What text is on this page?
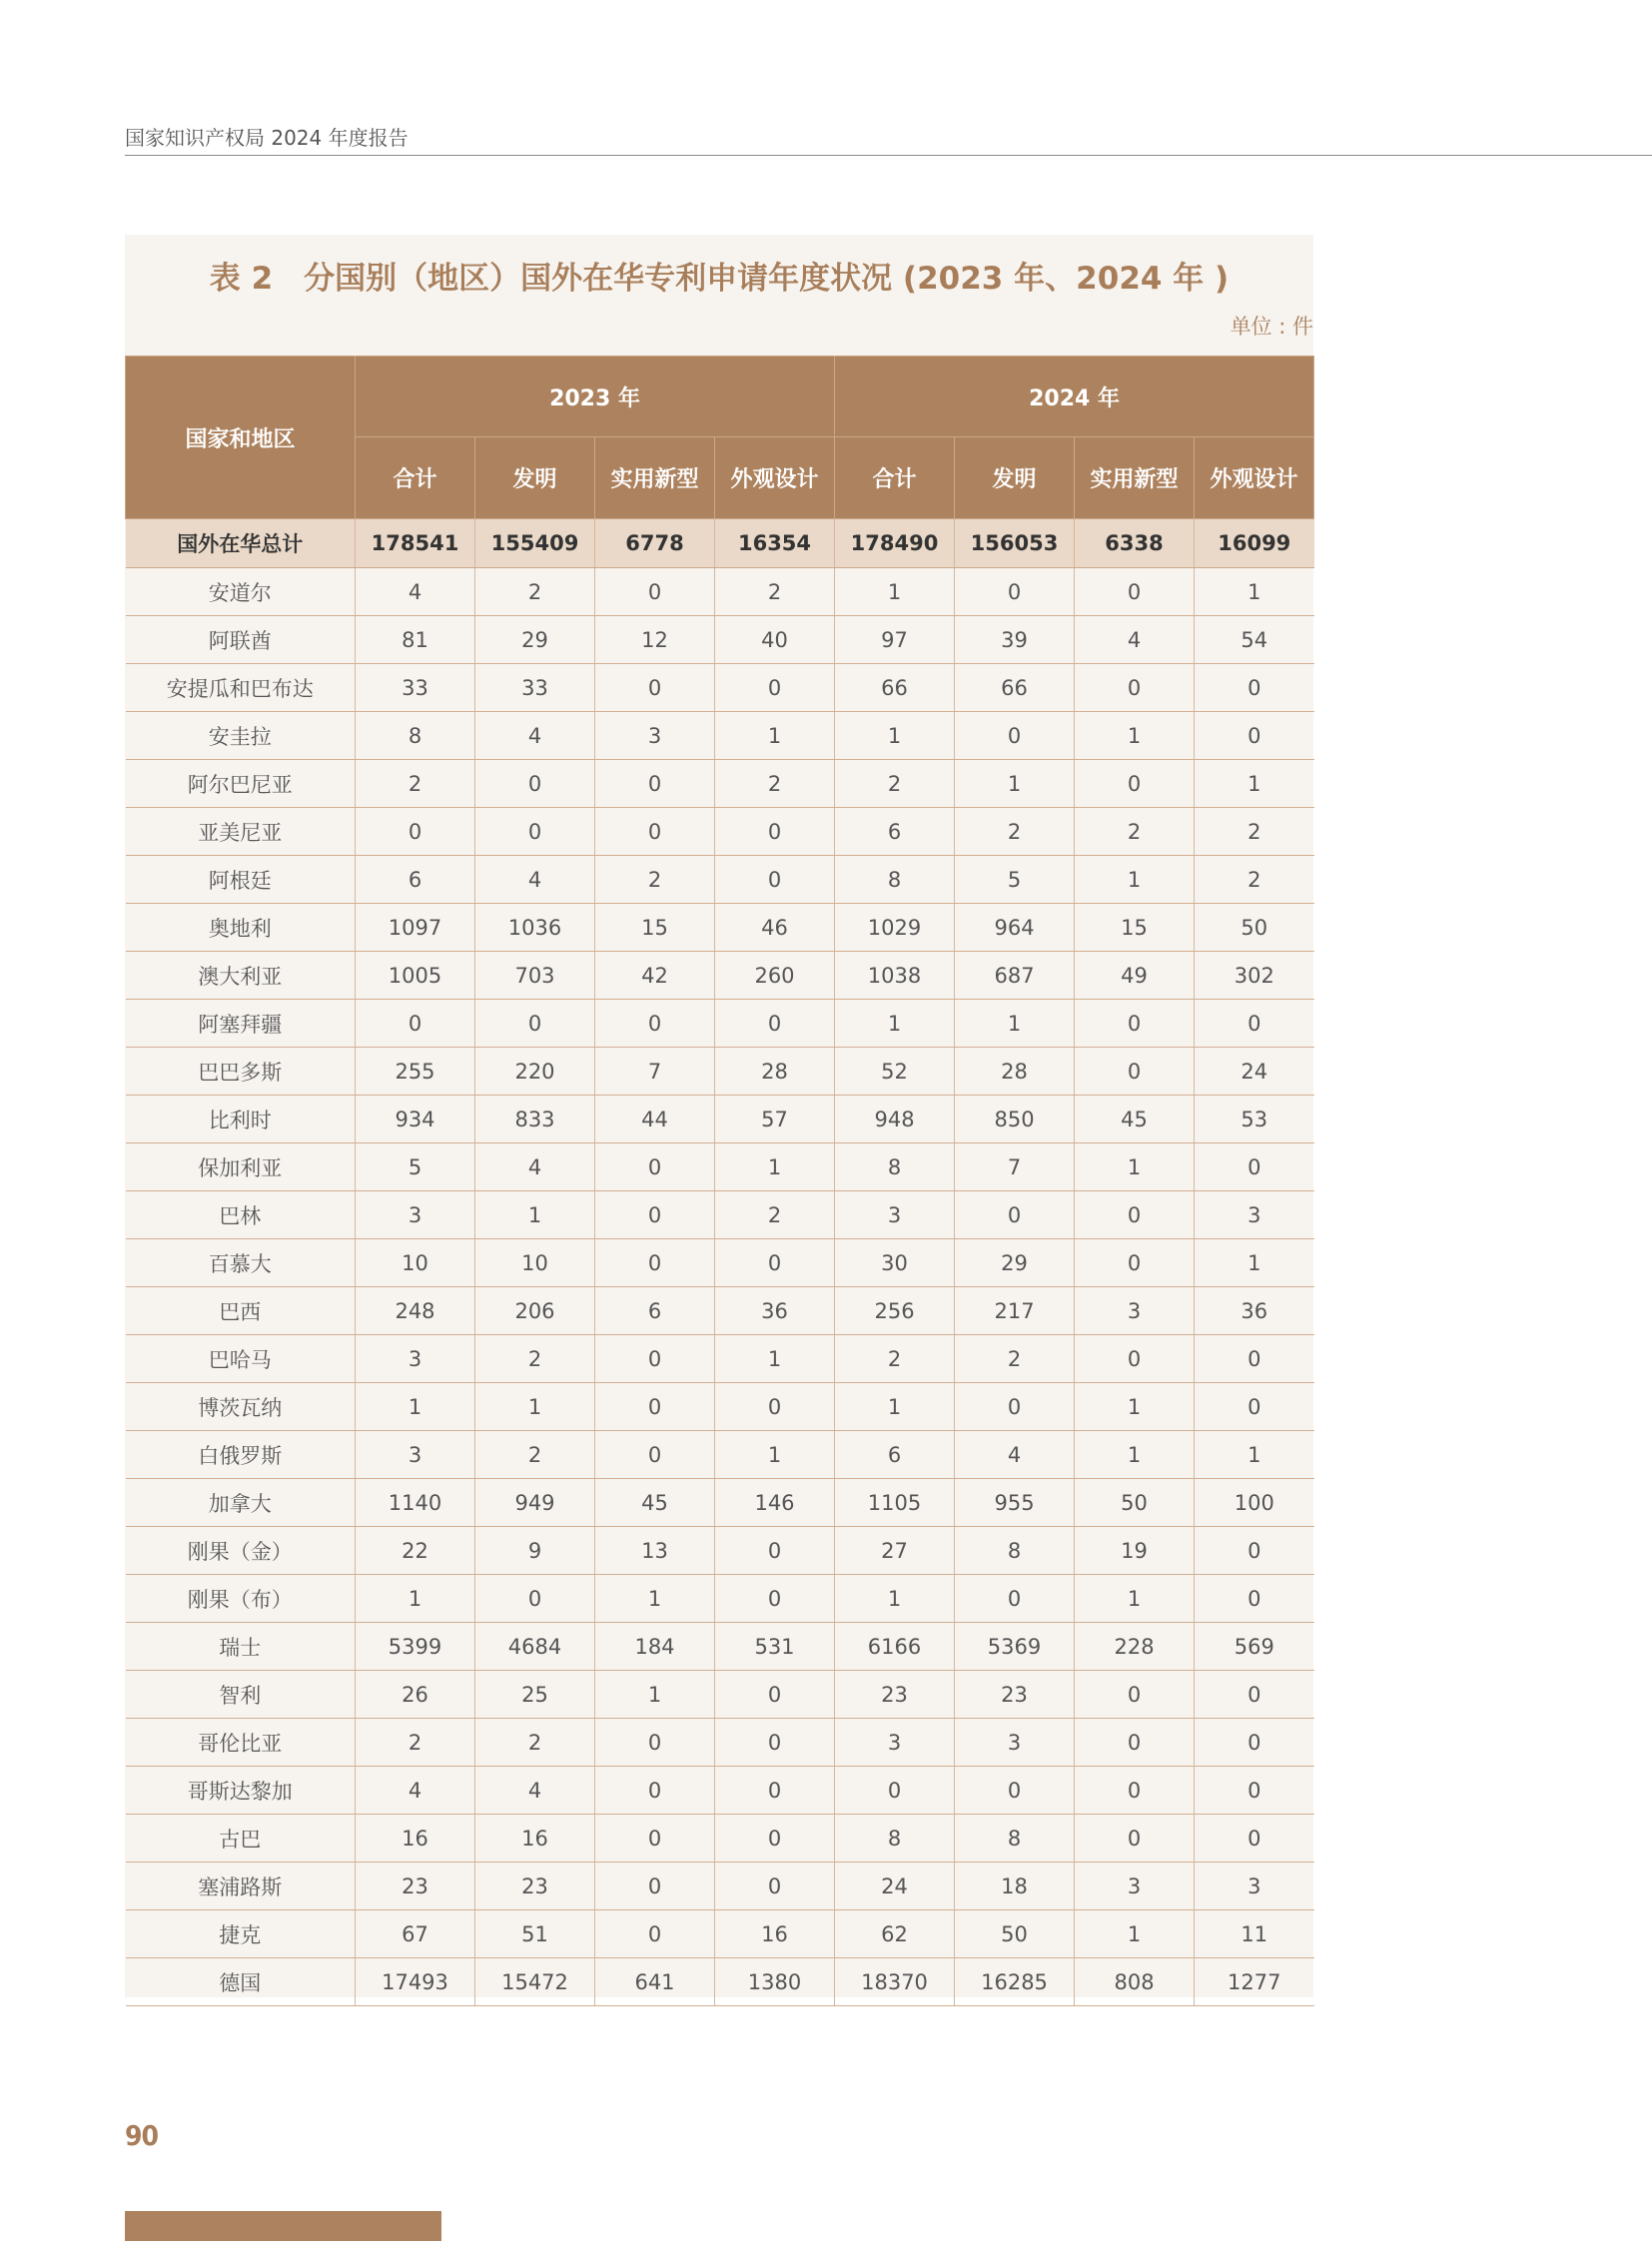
国家知识产权局 2024 年度报告
表 2　分国别（地区）国外在华专利申请年度状况 (2023 年、2024 年 )
单位 : 件
国家和地区	2023 年				2024 年			
	合计	发明	实用新型	外观设计	合计	发明	实用新型	外观设计
国外在华总计	178541	155409	6778	16354	178490	156053	6338	16099
安道尔	4	2	0	2	1	0	0	1
阿联酋	81	29	12	40	97	39	4	54
安提瓜和巴布达	33	33	0	0	66	66	0	0
安圭拉	8	4	3	1	1	0	1	0
阿尔巴尼亚	2	0	0	2	2	1	0	1
亚美尼亚	0	0	0	0	6	2	2	2
阿根廷	6	4	2	0	8	5	1	2
奥地利	1097	1036	15	46	1029	964	15	50
澳大利亚	1005	703	42	260	1038	687	49	302
阿塞拜疆	0	0	0	0	1	1	0	0
巴巴多斯	255	220	7	28	52	28	0	24
比利时	934	833	44	57	948	850	45	53
保加利亚	5	4	0	1	8	7	1	0
巴林	3	1	0	2	3	0	0	3
百慕大	10	10	0	0	30	29	0	1
巴西	248	206	6	36	256	217	3	36
巴哈马	3	2	0	1	2	2	0	0
博茨瓦纳	1	1	0	0	1	0	1	0
白俄罗斯	3	2	0	1	6	4	1	1
加拿大	1140	949	45	146	1105	955	50	100
刚果（金）	22	9	13	0	27	8	19	0
刚果（布）	1	0	1	0	1	0	1	0
瑞士	5399	4684	184	531	6166	5369	228	569
智利	26	25	1	0	23	23	0	0
哥伦比亚	2	2	0	0	3	3	0	0
哥斯达黎加	4	4	0	0	0	0	0	0
古巴	16	16	0	0	8	8	0	0
塞浦路斯	23	23	0	0	24	18	3	3
捷克	67	51	0	16	62	50	1	11
德国	17493	15472	641	1380	18370	16285	808	1277
90
